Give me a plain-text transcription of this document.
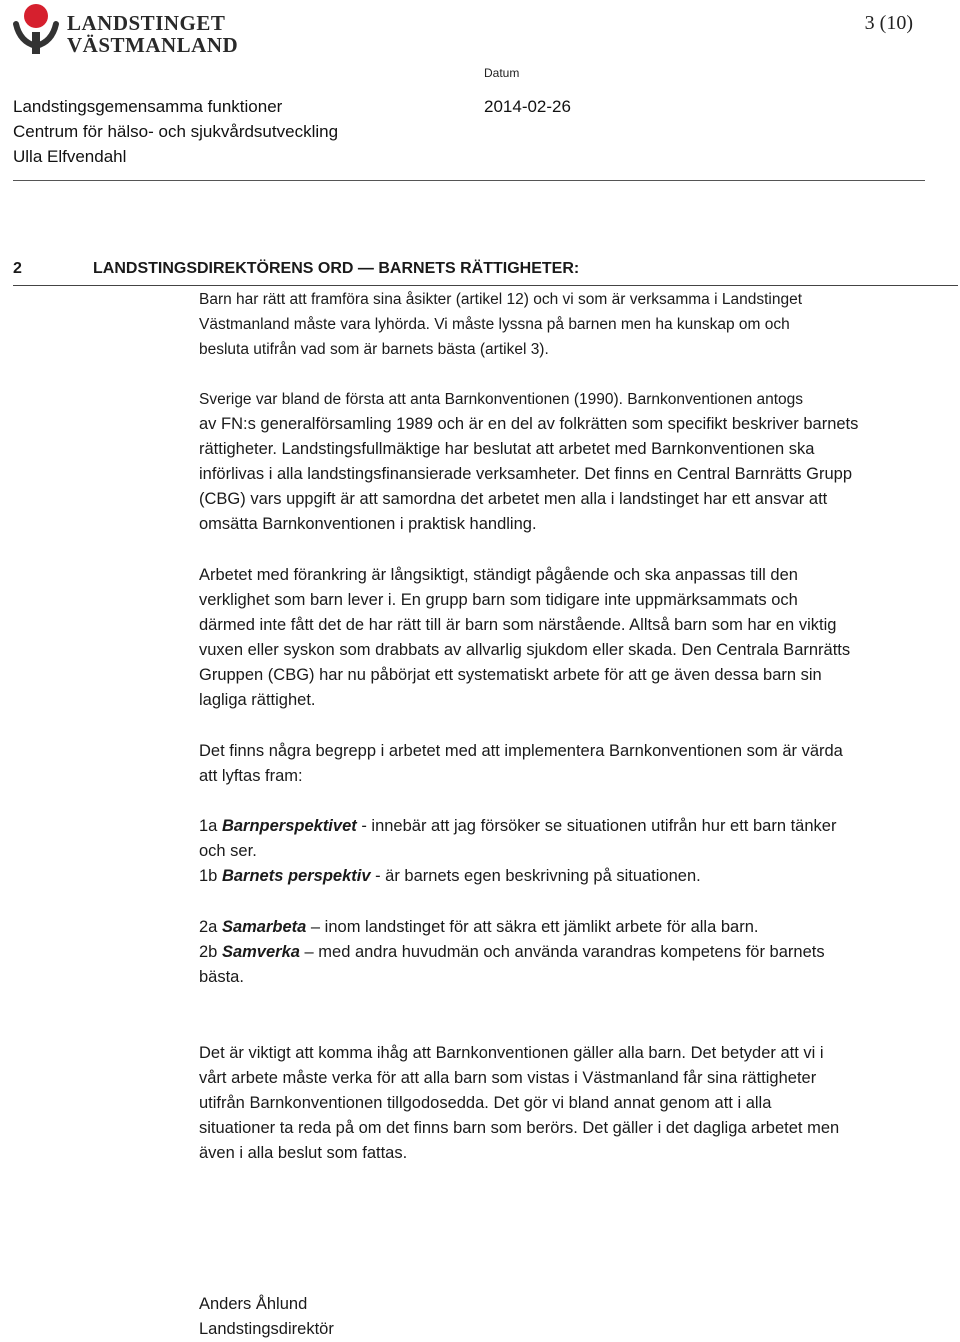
LANDSTINGET
VÄSTMANLAND
3 (10)
Datum
Landstingsgemensamma funktioner
Centrum för hälso- och sjukvårdsutveckling
Ulla Elfvendahl
2014-02-26
2	LANDSTINGSDIREKTÖRENS ORD — BARNETS RÄTTIGHETER:
Barn har rätt att framföra sina åsikter (artikel 12) och vi som är verksamma i Landstinget
Västmanland måste vara lyhörda. Vi måste lyssna på barnen men ha kunskap om och
besluta utifrån vad som är barnets bästa (artikel 3).
Sverige var bland de första att anta Barnkonventionen (1990). Barnkonventionen antogs
av FN:s generalförsamling 1989 och är en del av folkrätten som specifikt beskriver barnets
rättigheter. Landstingsfullmäktige har beslutat att arbetet med Barnkonventionen ska
införlivas i alla landstingsfinansierade verksamheter. Det finns en Central Barnrätts Grupp
(CBG) vars uppgift är att samordna det arbetet men alla i landstinget har ett ansvar att
omsätta Barnkonventionen i praktisk handling.
Arbetet med förankring är långsiktigt, ständigt pågående och ska anpassas till den
verklighet som barn lever i. En grupp barn som tidigare inte uppmärksammats och
därmed inte fått det de har rätt till är barn som närstående. Alltså barn som har en viktig
vuxen eller syskon som drabbats av allvarlig sjukdom eller skada. Den Centrala Barnrätts
Gruppen (CBG) har nu påbörjat ett systematiskt arbete för att ge även dessa barn sin
lagliga rättighet.
Det finns några begrepp i arbetet med att implementera Barnkonventionen som är värda
att lyftas fram:
1a Barnperspektivet - innebär att jag försöker se situationen utifrån hur ett barn tänker
och ser.
1b Barnets perspektiv - är barnets egen beskrivning på situationen.
2a Samarbeta – inom landstinget för att säkra ett jämlikt arbete för alla barn.
2b Samverka – med andra huvudmän och använda varandras kompetens för barnets
bästa.
Det är viktigt att komma ihåg att Barnkonventionen gäller alla barn. Det betyder att vi i
vårt arbete måste verka för att alla barn som vistas i Västmanland får sina rättigheter
utifrån Barnkonventionen tillgodosedda. Det gör vi bland annat genom att i alla
situationer ta reda på om det finns barn som berörs. Det gäller i det dagliga arbetet men
även i alla beslut som fattas.
Anders Åhlund
Landstingsdirektör
